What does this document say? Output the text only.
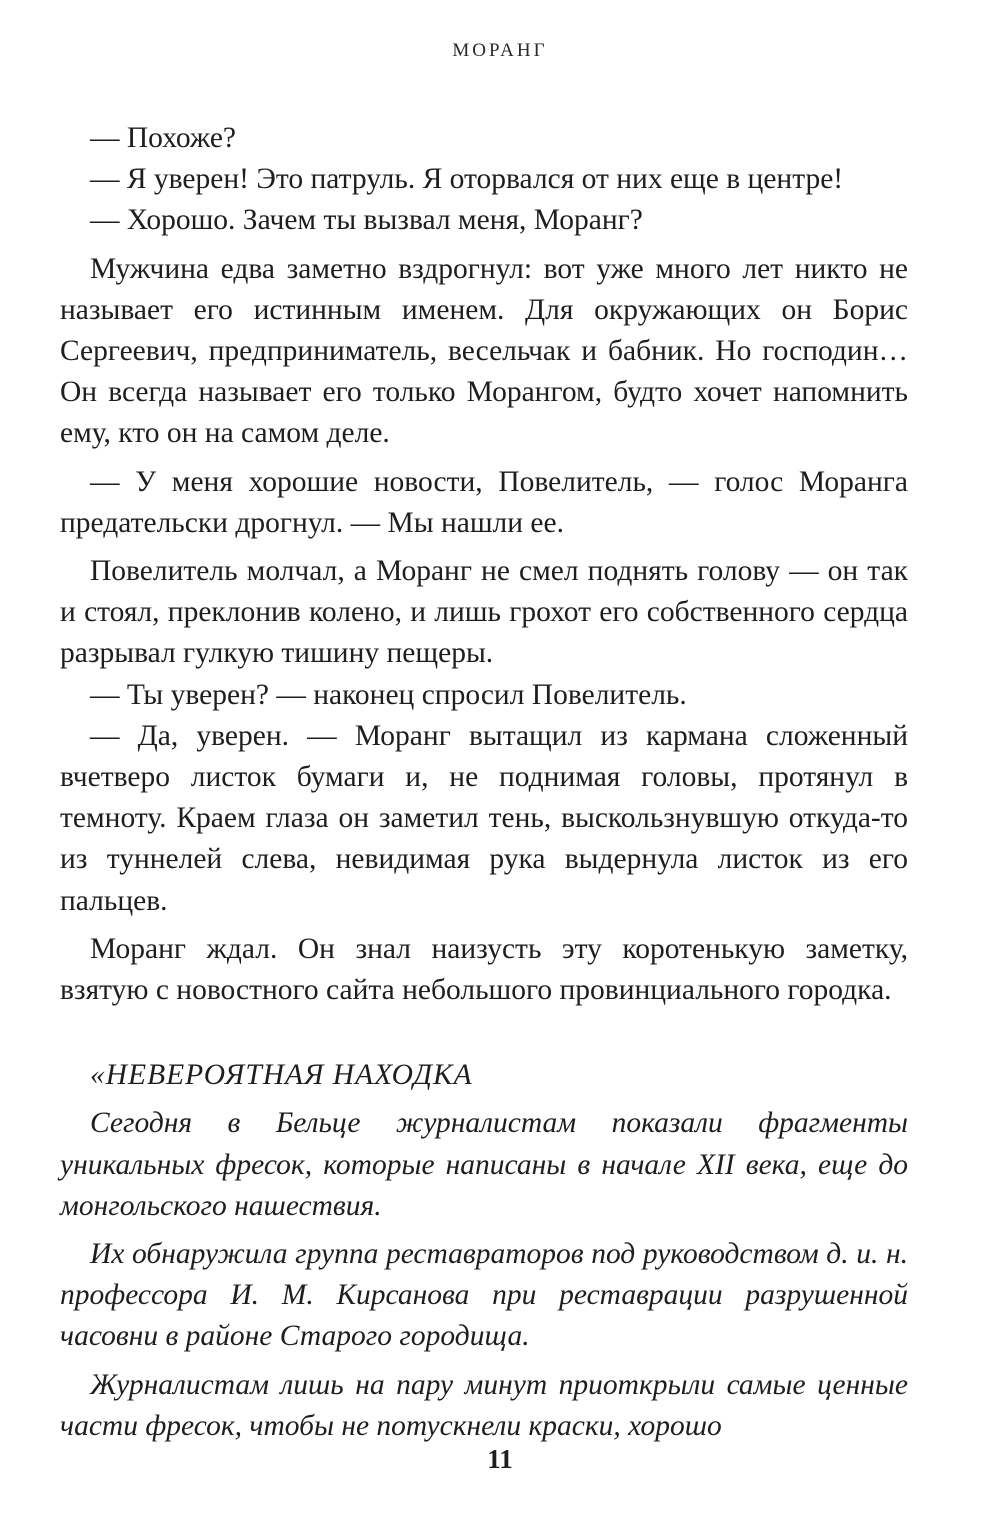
МОРАНГ

— Похоже?

— Я уверен! Это патруль. Я оторвался от них еще в центре!

— Хорошо. Зачем ты вызвал меня, Моранг?

Мужчина едва заметно вздрогнул: вот уже много лет никто не называет его истинным именем. Для окружающих он Борис Сергеевич, предприниматель, весельчак и бабник. Но господин… Он всегда называет его только Морангом, будто хочет напомнить ему, кто он на самом деле.

— У меня хорошие новости, Повелитель, — голос Моранга предательски дрогнул. — Мы нашли ее.

Повелитель молчал, а Моранг не смел поднять голову — он так и стоял, преклонив колено, и лишь грохот его собственного сердца разрывал гулкую тишину пещеры.

— Ты уверен? — наконец спросил Повелитель.

— Да, уверен. — Моранг вытащил из кармана сложенный вчетверо листок бумаги и, не поднимая головы, протянул в темноту. Краем глаза он заметил тень, выскользнувшую откуда-то из туннелей слева, невидимая рука выдернула листок из его пальцев.

Моранг ждал. Он знал наизусть эту коротенькую заметку, взятую с новостного сайта небольшого провинциального городка.

«НЕВЕРОЯТНАЯ НАХОДКА

Сегодня в Бельце журналистам показали фрагменты уникальных фресок, которые написаны в начале XII века, еще до монгольского нашествия.

Их обнаружила группа реставраторов под руководством д. и. н. профессора И. М. Кирсанова при реставрации разрушенной часовни в районе Старого городища.

Журналистам лишь на пару минут приоткрыли самые ценные части фресок, чтобы не потускнели краски, хорошо

11
